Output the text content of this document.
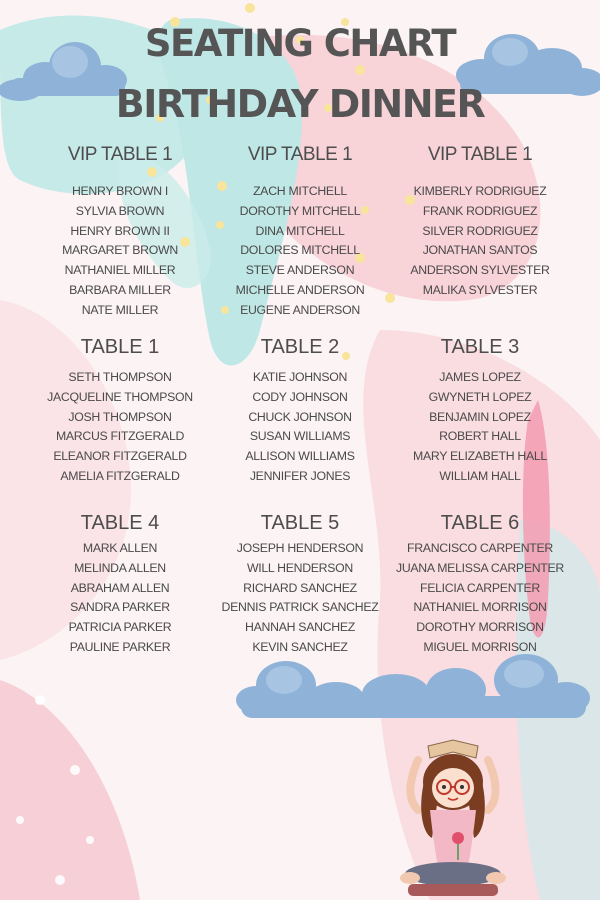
SEATING CHART
BIRTHDAY DINNER
VIP TABLE 1
HENRY BROWN I
SYLVIA BROWN
HENRY BROWN II
MARGARET BROWN
NATHANIEL MILLER
BARBARA MILLER
NATE MILLER
VIP TABLE 1
ZACH MITCHELL
DOROTHY MITCHELL
DINA MITCHELL
DOLORES MITCHELL
STEVE ANDERSON
MICHELLE ANDERSON
EUGENE ANDERSON
VIP TABLE 1
KIMBERLY RODRIGUEZ
FRANK RODRIGUEZ
SILVER RODRIGUEZ
JONATHAN SANTOS
ANDERSON SYLVESTER
MALIKA SYLVESTER
TABLE 1
SETH THOMPSON
JACQUELINE THOMPSON
JOSH THOMPSON
MARCUS FITZGERALD
ELEANOR FITZGERALD
AMELIA FITZGERALD
TABLE 2
KATIE JOHNSON
CODY JOHNSON
CHUCK JOHNSON
SUSAN WILLIAMS
ALLISON WILLIAMS
JENNIFER JONES
TABLE 3
JAMES LOPEZ
GWYNETH LOPEZ
BENJAMIN LOPEZ
ROBERT HALL
MARY ELIZABETH HALL
WILLIAM HALL
TABLE 4
MARK ALLEN
MELINDA ALLEN
ABRAHAM ALLEN
SANDRA PARKER
PATRICIA PARKER
PAULINE PARKER
TABLE 5
JOSEPH HENDERSON
WILL HENDERSON
RICHARD SANCHEZ
DENNIS PATRICK SANCHEZ
HANNAH SANCHEZ
KEVIN SANCHEZ
TABLE 6
FRANCISCO CARPENTER
JUANA MELISSA CARPENTER
FELICIA CARPENTER
NATHANIEL MORRISON
DOROTHY MORRISON
MIGUEL MORRISON
